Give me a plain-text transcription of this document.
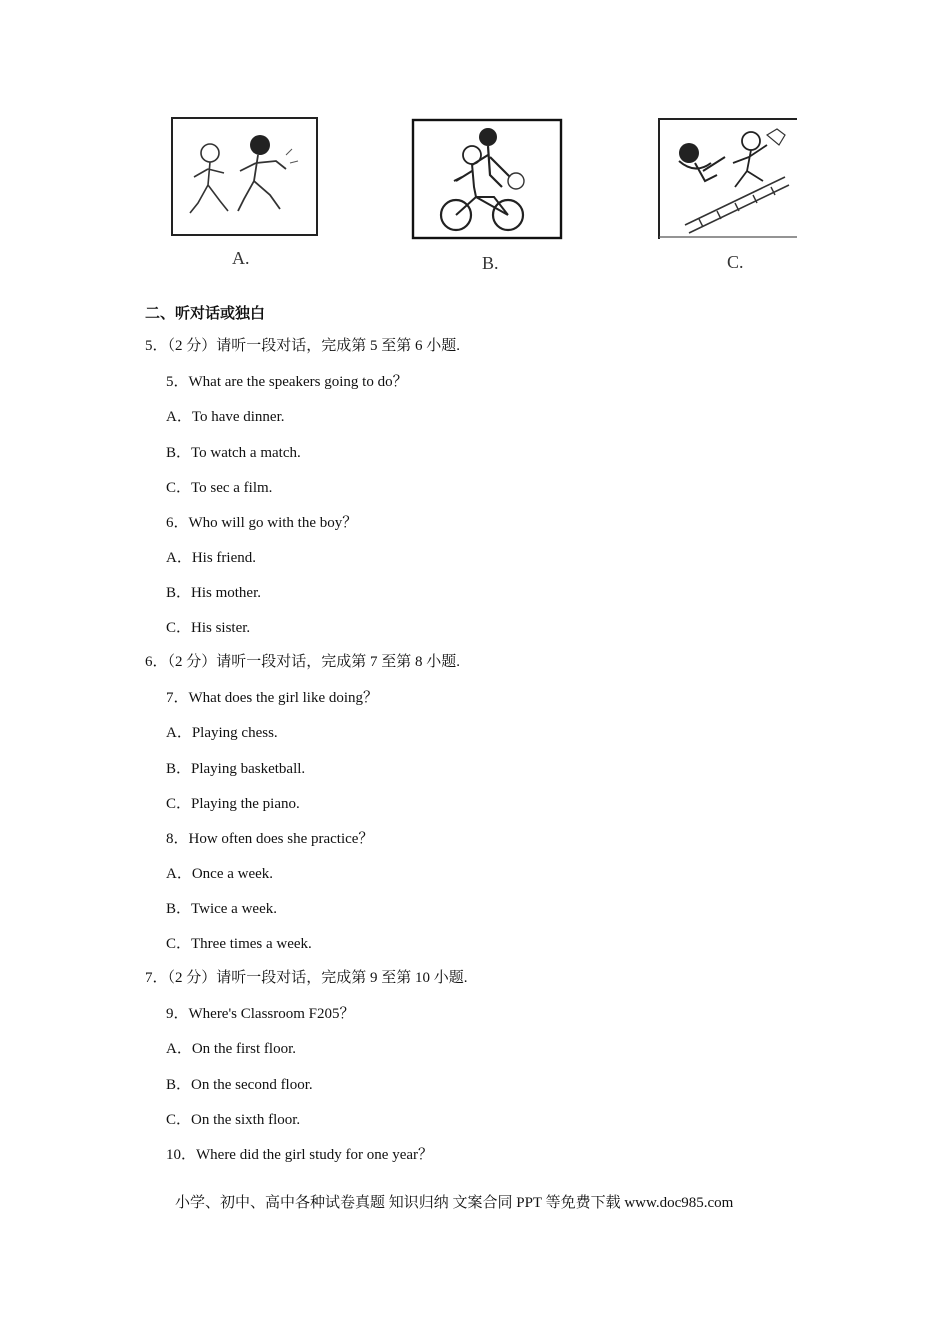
A.	B.	C.
二、听对话或独白
5．（2 分）请听一段对话，完成第 5 至第 6 小题.
5．What are the speakers going to do？
A．To have dinner.
B．To watch a match.
C．To sec a film.
6．Who will go with the boy？
A．His friend.
B．His mother.
C．His sister.
6．（2 分）请听一段对话，完成第 7 至第 8 小题.
7．What does the girl like doing？
A．Playing chess.
B．Playing basketball.
C．Playing the piano.
8．How often does she practice？
A．Once a week.
B．Twice a week.
C．Three times a week.
7．（2 分）请听一段对话，完成第 9 至第 10 小题.
9．Where's Classroom F205？
A．On the first floor.
B．On the second floor.
C．On the sixth floor.
10．Where did the girl study for one year？
小学、初中、高中各种试卷真题 知识归纳 文案合同 PPT 等免费下载 www.doc985.com
